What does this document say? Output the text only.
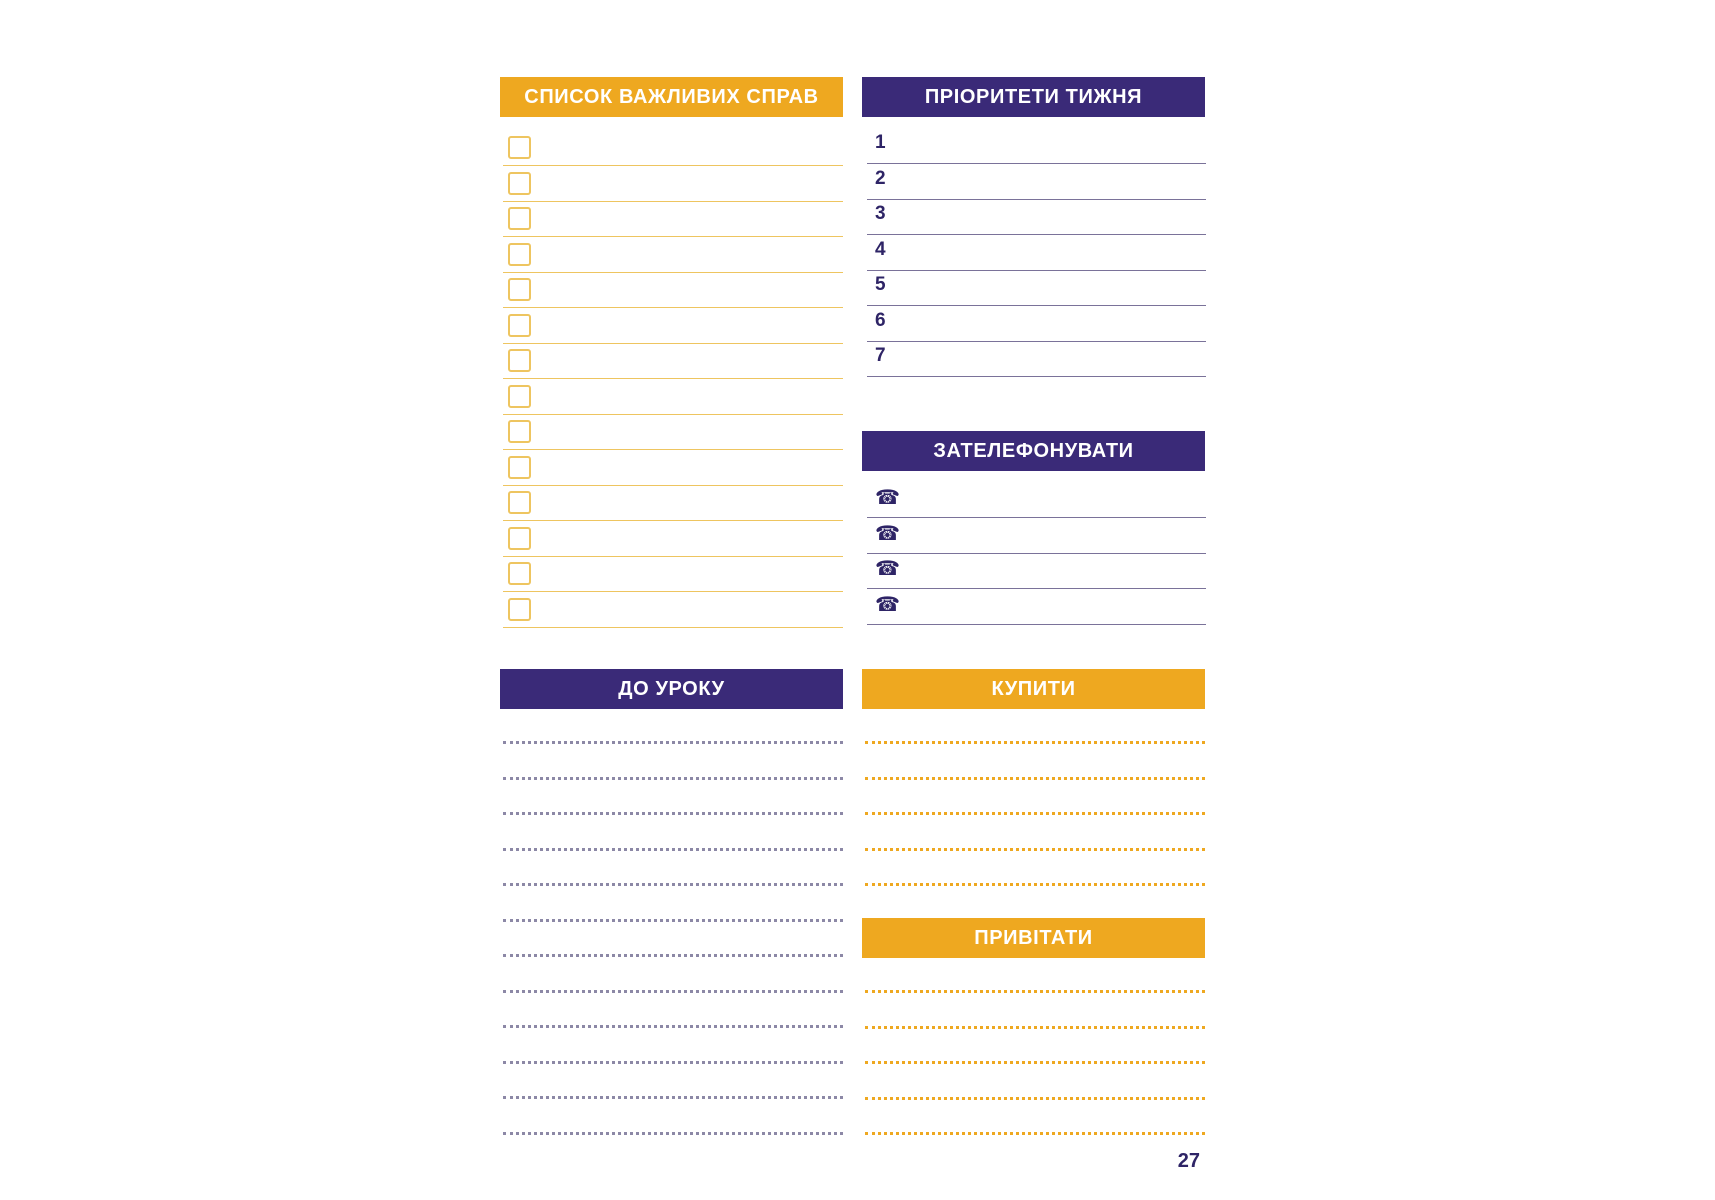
СПИСОК ВАЖЛИВИХ СПРАВ	ПРІОРИТЕТИ ТИЖНЯ
1
2
3
4
5
6
7
ЗАТЕЛЕФОНУВАТИ
☎
☎
☎
☎
ДО УРОКУ	КУПИТИ
ПРИВІТАТИ
27
